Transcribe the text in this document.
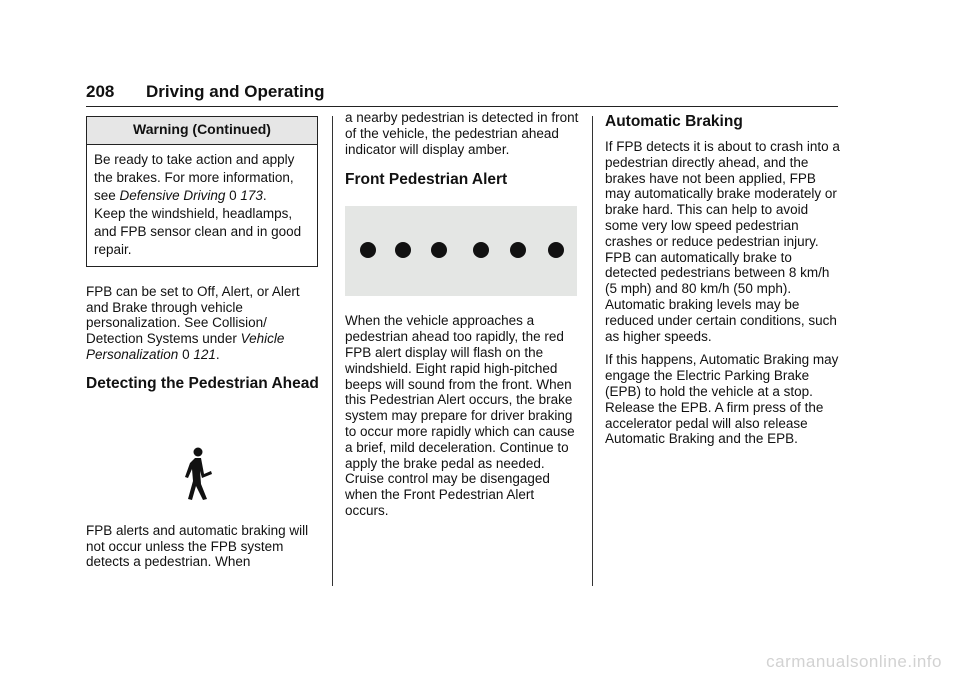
208 Driving and Operating
Warning (Continued)

Be ready to take action and apply the brakes. For more information, see Defensive Driving 0 173.

Keep the windshield, headlamps, and FPB sensor clean and in good repair.

FPB can be set to Off, Alert, or Alert and Brake through vehicle personalization. See Collision/ Detection Systems under Vehicle Personalization 0 121.

Detecting the Pedestrian Ahead

FPB alerts and automatic braking will not occur unless the FPB system detects a pedestrian. When

a nearby pedestrian is detected in front of the vehicle, the pedestrian ahead indicator will display amber.

Front Pedestrian Alert

When the vehicle approaches a pedestrian ahead too rapidly, the red FPB alert display will flash on the windshield. Eight rapid high-pitched beeps will sound from the front. When this Pedestrian Alert occurs, the brake system may prepare for driver braking to occur more rapidly which can cause a brief, mild deceleration. Continue to apply the brake pedal as needed. Cruise control may be disengaged when the Front Pedestrian Alert occurs.

Automatic Braking

If FPB detects it is about to crash into a pedestrian directly ahead, and the brakes have not been applied, FPB may automatically brake moderately or brake hard. This can help to avoid some very low speed pedestrian crashes or reduce pedestrian injury. FPB can automatically brake to detected pedestrians between 8 km/h (5 mph) and 80 km/h (50 mph). Automatic braking levels may be reduced under certain conditions, such as higher speeds.

If this happens, Automatic Braking may engage the Electric Parking Brake (EPB) to hold the vehicle at a stop. Release the EPB. A firm press of the accelerator pedal will also release Automatic Braking and the EPB.

carmanualsonline.info
